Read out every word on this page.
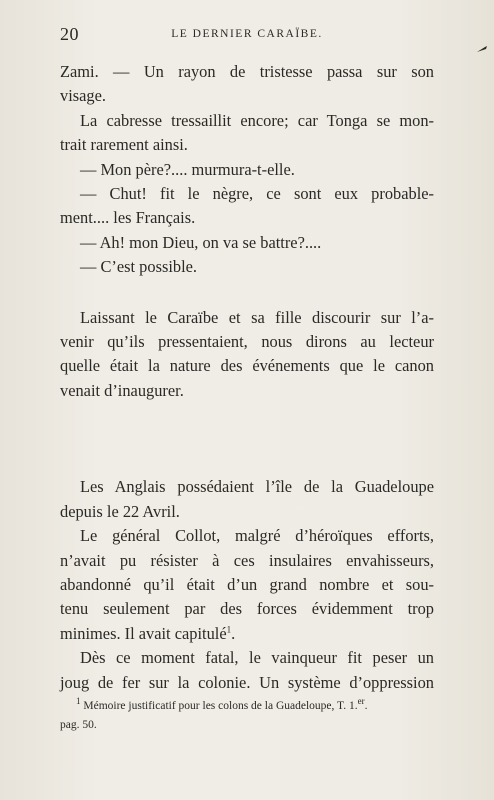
20	LE DERNIER CARAÏBE.
Zami. — Un rayon de tristesse passa sur son
visage.
La cabresse tressaillit encore; car Tonga se mon-
trait rarement ainsi.
— Mon père?.... murmura-t-elle.
— Chut! fit le nègre, ce sont eux probable-
ment.... les Français.
— Ah! mon Dieu, on va se battre?....
— C’est possible.
Laissant le Caraïbe et sa fille discourir sur l’a-
venir qu’ils pressentaient, nous dirons au lecteur
quelle était la nature des événements que le canon
venait d’inaugurer.
Les Anglais possédaient l’île de la Guadeloupe
depuis le 22 Avril.
Le général Collot, malgré d’héroïques efforts,
n’avait pu résister à ces insulaires envahisseurs,
abandonné qu’il était d’un grand nombre et sou-
tenu seulement par des forces évidemment trop
minimes. Il avait capitulé$^1$.
Dès ce moment fatal, le vainqueur fit peser un
joug de fer sur la colonie. Un système d’oppression
$^1$ Mémoire justificatif pour les colons de la Guadeloupe, T. 1.$^{er}$.
pag. 50.
